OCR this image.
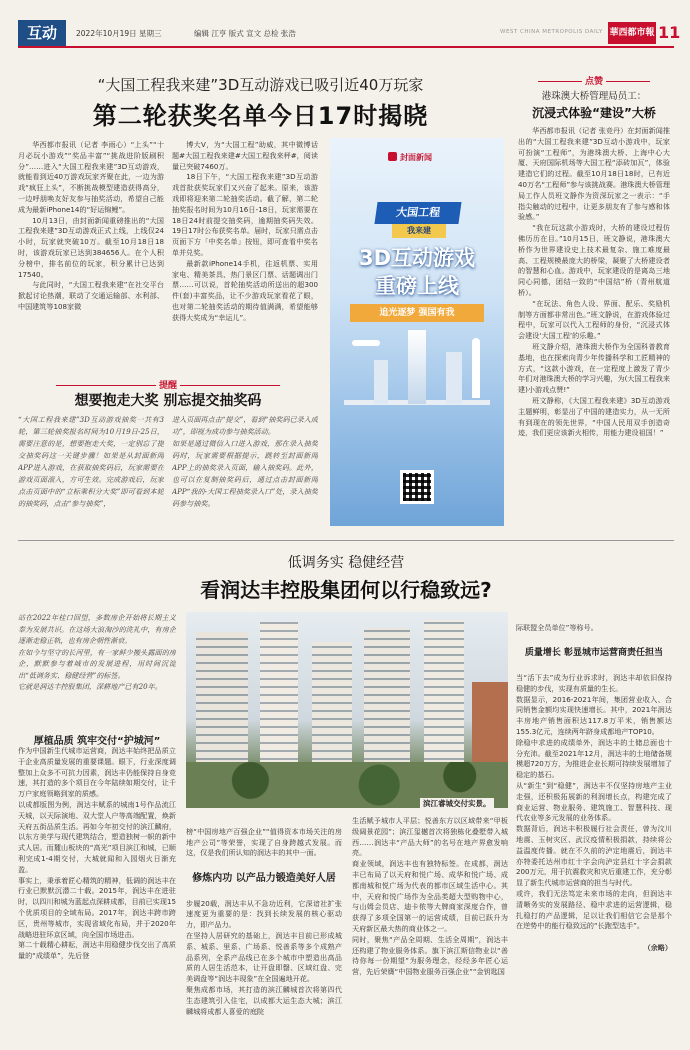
互动	2022年10月19日 星期三	编辑 江亨 版式 宣文 总检 张浩	WEST CHINA METROPOLIS DAILY 華西都市報 11
“大国工程我来建”3D互动游戏已吸引近40万玩家
第二轮获奖名单今日17时揭晓

华西都市报讯（记者 李雨心）“上头”“十月必玩小游戏”“奖品丰富”“挑战进阶版刷积分”……进入“大国工程我来建”3D互动游戏，就能看到近40万游戏玩家齐聚在此，一边为游戏“疯狂上头”，不断挑战模型建造获得高分，一边呼朋唤友好友参与抽奖活动，希望自己能成为最新iPhone14的“好运锦鲤”。

10月13日，由封面新闻重磅推出的“大国工程我来建”3D互动游戏正式上线，上线仅24小时，玩家就突破10万。截至10月18日18时，该游戏玩家已达到384656人。在个人积分榜中，排名前位的玩家，积分累计已达到17540。

与此同时，“大国工程我来建”在社交平台掀起讨论热潮，联动了交通运输部、水利部、中国建筑等108家微

博大V，为“大国工程”助威，其中微博话题#大国工程我来建#大国工程我来秤#，阅读量已突破7460万。

18日下午，“大国工程我来建”3D互动游戏首批获奖玩家们又兴奋了起来。原来，该游戏即将迎来第二轮抽奖活动。截了解，第二轮抽奖报名时间为10月16日-18日，玩家需要在18日24时前提交抽奖码，逾期抽奖码失效。19日17时公布获奖名单。届时，玩家只需点击页面下方「中奖名单」按钮，即可查看中奖名单并兑奖。

最新款iPhone14手机，往返机票、实用家电、精美茶具、热门景区门票、话题调出门票……可以说，首轮抽奖活动所送出的超300件(套)丰富奖品，让不少游戏玩家看花了眼，也对第二轮抽奖活动的期待值满满，希望能够获得大奖成为“幸运儿”。

封面新闻
大国工程
我来建
3D互动游戏
重磅上线
追光逐梦 强国有我
提醒
想要抱走大奖 别忘提交抽奖码
“大国工程我来建”3D互动游戏抽奖一共有3轮，第三轮抽奖报名时间为10月19日-25日，需要注意的是，想要抱走大奖，一定别忘了提交抽奖码这一关键步骤！如果是从封面新闻APP进入游戏，在获取抽奖码后，玩家需要在游戏页面滚入，方可生效。完成游戏后，玩家点击页面中的“立标乘积分大奖”即可看到本轮的抽奖码，点击“参与抽奖”，
进入页面再点击“提交”，看到“抽奖码已录入成功”，即视为成功参与抽奖活动。
如果是通过微信入口进入游戏，那在录入抽奖码时，玩家需要根据提示，跳转至封面新闻APP上的抽奖录入页面，输入抽奖码。此外，也可以在复制抽奖码后，通过点击封面新闻APP“我的-大国工程抽奖录入口”处，录入抽奖码参与抽奖。
点赞
港珠澳大桥管理局员工：
沉浸式体验“建设”大桥

华西都市报讯（记者 张竞丹）在封面新闻推出的“大国工程我来建”3D互动小游戏中，玩家可扮演“工程师”，为港珠澳大桥、上海中心大厦、天府国际机场等大国工程“添砖加瓦”，体验建造它们的过程。截至10月18日18时，已有近40万名“工程师”参与该挑战赛。港珠澳大桥管理局工作人员班文静作为资深玩家之一表示：“手指尖触动的过程中，让更多朋友有了参与感和体验感。”

“我在玩这款小游戏时，大桥的建设过程仿佛历历在目。”10月15日，班文静说，港珠澳大桥作为世界建设史上技术最复杂、施工难度最高、工程规模最庞大的桥梁，凝聚了大桥建设者的智慧和心血。游戏中，玩家建设的是离岛三地同心同德，团结一致的“中国结”桥（青州航道桥）。

“在玩法、角色人设、界面、配乐、奖励机制等方面都非常出色。”班文静说，在游戏体验过程中，玩家可以代入工程师的身份，“沉浸式体会建设‘大国工程’的乐趣。”

班文静介绍，港珠澳大桥作为全国科普教育基地，也在探索向青少年传播科学和工匠精神的方式，“这款小游戏，在一定程度上激发了青少年们对港珠澳大桥的学习兴趣，为(大国工程我来建)小游戏点赞!”

班文静称，《大国工程我来建》3D互动游戏主题鲜明，彰显出了中国的建造实力，从一无所有到现在的领先世界，“中国人民用双手创造奇迹，我们更应该新火相传，用能力建设祖国！”

低调务实 稳健经营
看润达丰控股集团何以行稳致远?
站在2022年桂口回望，多数房企开始将长期主义奉为发展共识。在这场大浪淘沙的洗礼中，有房企逐渐走稳正轨，也有房企朝性渐衰。
在如今与坚守的长河里，有一家鲜少搬头露面的房企，默默参与着城市的发展进程，用时间沉淀出“低调务实、稳健经营”的标签。
它就是润达丰控股集团，深耕地产已有20年。
厚植品质 筑牢交付“护城河”
作为中国新生代城市运营商，润达丰始终把品质立于企业高质量发展的重要课题。眼下，行业深度调整加上众多不可抗力因素，润达丰仍能保持自身竞速，其打造的多个项目在今年陆续如期交付，让千万户家庭领略到家的质感。
以成都版图为例，润达丰赋系的城南1号作品流江天城，以天际演地、双大堂人户等高端配置，焕新天府五街品质生活。再如今年初交付的滨江麟府，以东方美学与现代建筑结合，塑造独树一帜的新中式人居。而麓山板块的“高光”项目滨江和城，已顺利完成1-4期交付，大城就闻和入园烟火日渐充盈。
事实上，秉承着匠心精筑的精神，低调的润达丰在行业已默默沉潜二十载。2015年，润达丰在进驻时，以四川和城为蓝起点深耕成都，目前已实现15个优质项目的全域布局。2017年，润达丰跨市跨区，贵州等城市，实现省域化布局，并于2020年战略进驻环京区域，向全国市场进击。
第二十载精心耕耘，润达丰用稳健步伐交出了高质量的“成绩单”，先后登
滨江睿城交付实景。

榜“中国房地产百强企业”“值得资本市场关注的房地产公司”等荣誉，实现了自身跨越式发展。而这，仅是我们所认知的润达丰的其中一面。

修炼内功 以产品力锻造美好人居

步履20载，润达丰从不急功近利，它深谙社扩张速度更为重要的是：找到长续发展的核心驱动力，即产品力。
在坚持人居研究的基础上，润达丰目前已形成城系、城系、里系、广场系、悦善系等多个成熟产品系列，全系产品线已在多个城市中塑造出高品质的人居生活范本，让开盘即罄、区域红盘、完美调盘等“润达丰现象”在全国遍地开花。
聚焦成都市场，其打造的滨江麟城首次将第四代生态建筑引入住宅，以成都大运生态大城；滨江麟城将成都人喜爱的庭院

生活赋予城市人平层；悦善东方以区域带来“甲板级阔景花园”；滨江玺樾首次将独栋化叠墅带入城西……润达丰“产品大师”的名号在地产界愈发响亮。
商业领域，润达丰也有独特标签。在成都，润达丰已布局了以天府和悦广场、成华和悦广场、成都南城和悦广场为代表的都市区域生活中心。其中，天府和悦广场作为全品类超大型购物中心，与山姆会员店、迪卡侬等大牌商家深度合作，曾获得了多项全国第一的运营成绩，目前已跃升为天府新区最大热的商业体之一。
同时，聚焦“产品全周期、生活全周期”，润达丰还构建了物业服务体系。旗下滨江斯信物业以“善待你每一份期望”为服务理念，经经多年匠心运营，先后荣膺“中国物业服务百强企业”“金钥匙国

际联盟全员单位”等称号。

质量增长 彰显城市运营商责任担当

当“活下去”成为行业诉求时，润达丰却依旧保持稳健的步伐，实现有质量的生长。
数据显示，2016-2021年间，集团营业收入、合同销售金额均实现快速增长。其中，2021年润达丰房地产销售面积达117.8万平米，销售额达155.3亿元，连续两年跻身成都地产TOP10。
除稳中求进的成绩单外，润达丰的土储总面也十分充沛。截至2021年12月，润达丰的土地储备规模超720万方，为推进企业长期可持续发展增加了稳定的基石。
从“新生”到“稳健”，润达丰不仅坚持房地产主业走强，还积极拓展新的利润增长点，构建完成了商业运营、物业服务、建筑施工、智慧科技、现代农业等多元发展的业务体系。
数据背后，润达丰积极履行社会责任，曾为汶川地震、玉树灾区、武汉疫情积极捐款，持续将公益温度传播。就在不久前的泸定地震后，润达丰亦特委托达州市红十字会向泸定县红十字会捐款200万元，用于抗震救灾和灾后重建工作，充分彰显了新生代城市运营商的担当与时代。
或许，我们无法笃定未来市场的走向，但润达丰清晰务实的发展路径、稳中求进的运营逻辑，稳扎稳打的产品逻辑，足以让我们相信它会是那个在逆势中的能行稳致远的“长跑型选手”。

（余略）
